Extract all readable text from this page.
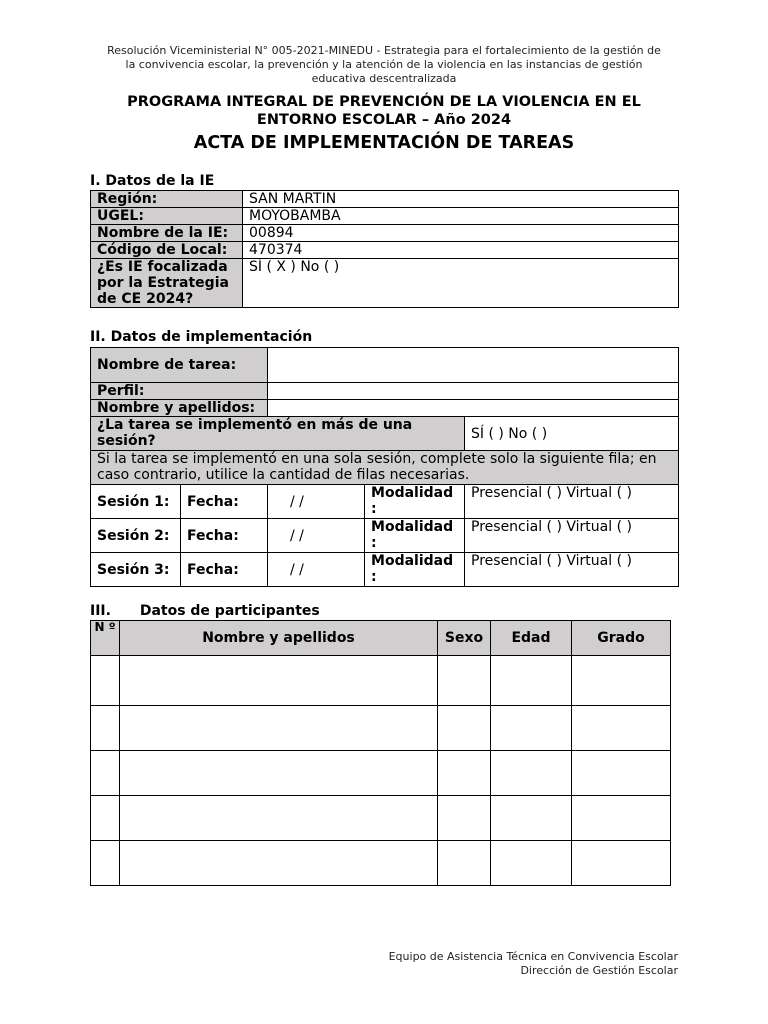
Resolución Viceministerial N° 005-2021-MINEDU - Estrategia para el fortalecimiento de la gestión de
la convivencia escolar, la prevención y la atención de la violencia en las instancias de gestión
educativa descentralizada
PROGRAMA INTEGRAL DE PREVENCIÓN DE LA VIOLENCIA EN EL
ENTORNO ESCOLAR – Año 2024
ACTA DE IMPLEMENTACIÓN DE TAREAS
I. Datos de la IE
Región:	SAN MARTIN
UGEL:	MOYOBAMBA
Nombre de la IE:	00894
Código de Local:	470374
¿Es IE focalizada por la Estrategia de CE 2024?	SÍ ( X ) No ( )
II. Datos de implementación
Nombre de tarea:				
Perfil:				
Nombre y apellidos:				
¿La tarea se implementó en más de una sesión?				SÍ ( ) No ( )
Si la tarea se implementó en una sola sesión, complete solo la siguiente fila; en caso contrario, utilice la cantidad de filas necesarias.				
Sesión 1:	Fecha:	/ /	Modalidad :	Presencial ( ) Virtual ( )
Sesión 2:	Fecha:	/ /	Modalidad :	Presencial ( ) Virtual ( )
Sesión 3:	Fecha:	/ /	Modalidad :	Presencial ( ) Virtual ( )
III. Datos de participantes
N º	Nombre y apellidos	Sexo	Edad	Grado

Equipo de Asistencia Técnica en Convivencia Escolar
Dirección de Gestión Escolar
